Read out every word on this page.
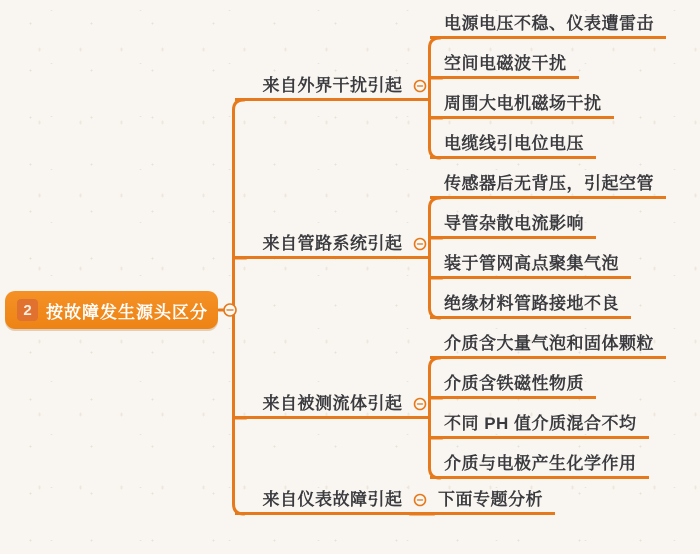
2 按故障发生源头区分
来自外界干扰引起
来自管路系统引起
来自被测流体引起
来自仪表故障引起
电源电压不稳、仪表遭雷击
空间电磁波干扰
周围大电机磁场干扰
电缆线引电位电压
传感器后无背压，引起空管
导管杂散电流影响
装于管网高点聚集气泡
绝缘材料管路接地不良
介质含大量气泡和固体颗粒
介质含铁磁性物质
不同 PH 值介质混合不均
介质与电极产生化学作用
下面专题分析
